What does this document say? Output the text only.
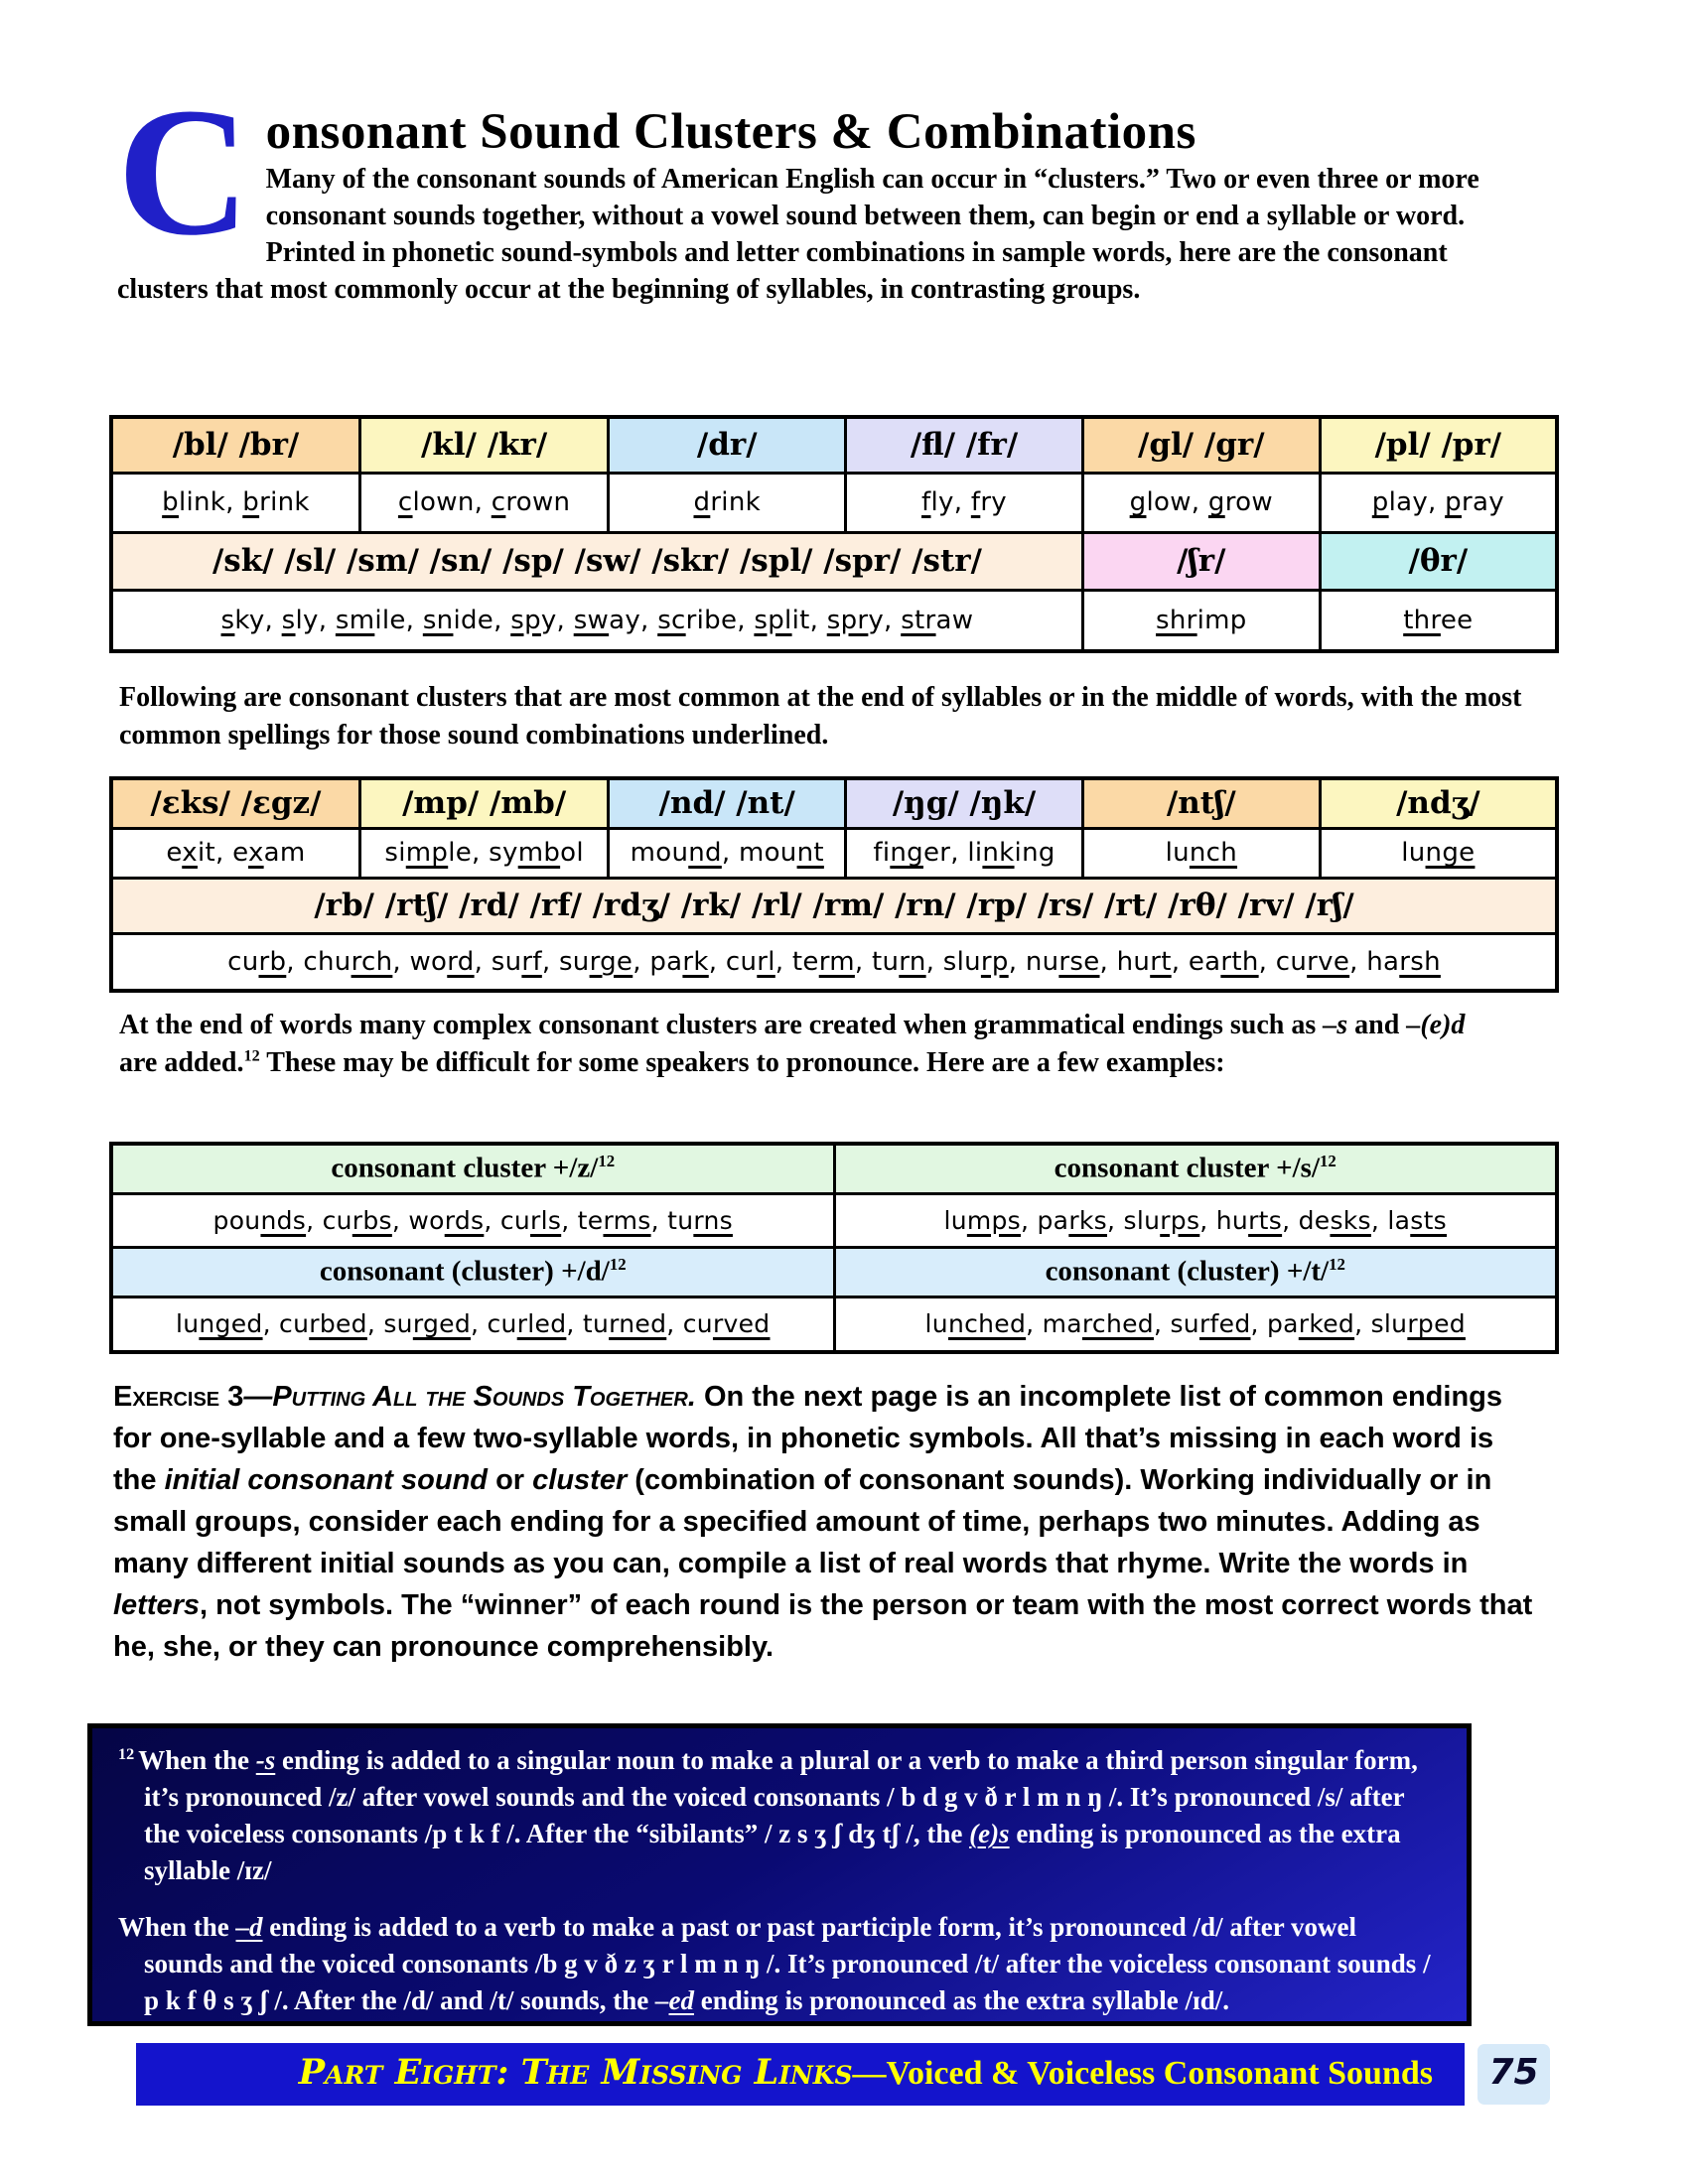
Consonant Sound Clusters & Combinations
Many of the consonant sounds of American English can occur in “clusters.” Two or even three or more consonant sounds together, without a vowel sound between them, can begin or end a syllable or word. Printed in phonetic sound-symbols and letter combinations in sample words, here are the consonant clusters that most commonly occur at the beginning of syllables, in contrasting groups.
/bl/ /br/	/kl/ /kr/	/dr/	/fl/ /fr/	/gl/ /gr/	/pl/ /pr/
blink, brink	clown, crown	drink	fly, fry	glow, grow	play, pray
/sk/ /sl/ /sm/ /sn/ /sp/ /sw/ /skr/ /spl/ /spr/ /str/				/ʃr/	/θr/
sky, sly, smile, snide, spy, sway, scribe, split, spry, straw				shrimp	three
Following are consonant clusters that are most common at the end of syllables or in the middle of words, with the most common spellings for those sound combinations underlined.
/ɛks/ /ɛgz/	/mp/ /mb/	/nd/ /nt/	/ŋg/ /ŋk/	/ntʃ/	/ndʒ/
exit, exam	simple, symbol	mound, mount	finger, linking	lunch	lunge
/rb/ /rtʃ/ /rd/ /rf/ /rdʒ/ /rk/ /rl/ /rm/ /rn/ /rp/ /rs/ /rt/ /rθ/ /rv/ /rʃ/					
curb, church, word, surf, surge, park, curl, term, turn, slurp, nurse, hurt, earth, curve, harsh					
At the end of words many complex consonant clusters are created when grammatical endings such as –s and –(e)d are added.$^{12}$ These may be difficult for some speakers to pronounce. Here are a few examples:
consonant cluster +/z/$^{12}$	consonant cluster +/s/$^{12}$
pounds, curbs, words, curls, terms, turns	lumps, parks, slurps, hurts, desks, lasts
consonant (cluster) +/d/$^{12}$	consonant (cluster) +/t/$^{12}$
lunged, curbed, surged, curled, turned, curved	lunched, marched, surfed, parked, slurped
Exercise 3—Putting All the Sounds Together. On the next page is an incomplete list of common endings for one-syllable and a few two-syllable words, in phonetic symbols. All that’s missing in each word is the initial consonant sound or cluster (combination of consonant sounds). Working individually or in small groups, consider each ending for a specified amount of time, perhaps two minutes. Adding as many different initial sounds as you can, compile a list of real words that rhyme. Write the words in letters, not symbols. The “winner” of each round is the person or team with the most correct words that he, she, or they can pronounce comprehensibly.

$^{12}$ When the -s ending is added to a singular noun to make a plural or a verb to make a third person singular form, it’s pronounced /z/ after vowel sounds and the voiced consonants / b d g v ð r l m n ŋ /. It’s pronounced /s/ after the voiceless consonants /p t k f /. After the “sibilants” / z s ʒ ʃ dʒ tʃ /, the (e)s ending is pronounced as the extra syllable /ɪz/

When the –d ending is added to a verb to make a past or past participle form, it’s pronounced /d/ after vowel sounds and the voiced consonants /b g v ð z ʒ r l m n ŋ /. It’s pronounced /t/ after the voiceless consonant sounds / p k f θ s ʒ ʃ /. After the /d/ and /t/ sounds, the –ed ending is pronounced as the extra syllable /ɪd/.

Part Eight: The Missing Links—Voiced & Voiceless Consonant Sounds	75
